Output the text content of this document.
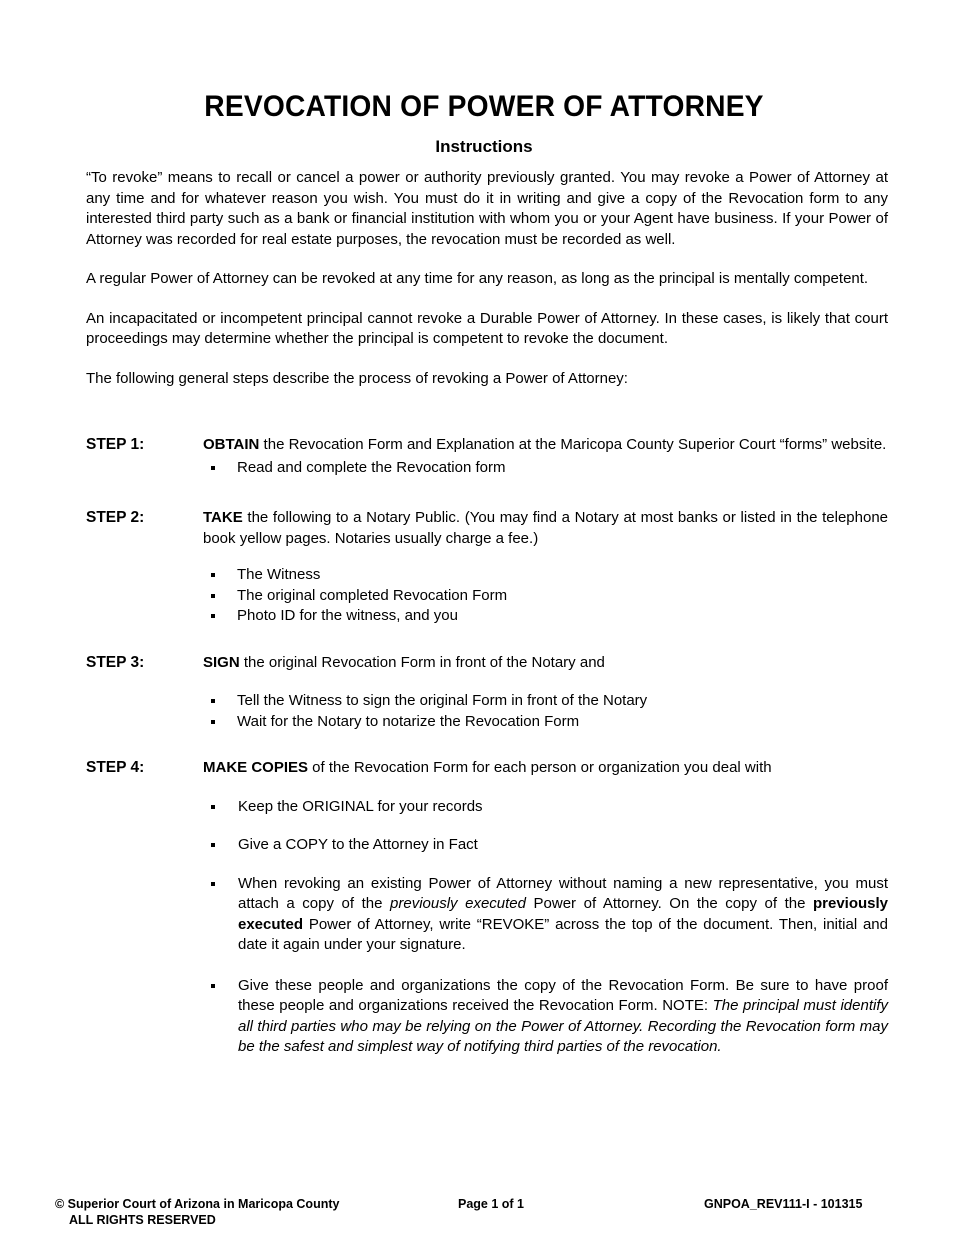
REVOCATION OF POWER OF ATTORNEY
Instructions

“To revoke” means to recall or cancel a power or authority previously granted. You may revoke a Power of Attorney at any time and for whatever reason you wish. You must do it in writing and give a copy of the Revocation form to any interested third party such as a bank or financial institution with whom you or your Agent have business. If your Power of Attorney was recorded for real estate purposes, the revocation must be recorded as well.

A regular Power of Attorney can be revoked at any time for any reason, as long as the principal is mentally competent.

An incapacitated or incompetent principal cannot revoke a Durable Power of Attorney. In these cases, is likely that court proceedings may determine whether the principal is competent to revoke the document.

The following general steps describe the process of revoking a Power of Attorney:

STEP 1:	OBTAIN the Revocation Form and Explanation at the Maricopa County Superior Court “forms” website.
Read and complete the Revocation form
STEP 2:	TAKE the following to a Notary Public. (You may find a Notary at most banks or listed in the telephone book yellow pages. Notaries usually charge a fee.)
The Witness
The original completed Revocation Form
Photo ID for the witness, and you
STEP 3:	SIGN the original Revocation Form in front of the Notary and
Tell the Witness to sign the original Form in front of the Notary
Wait for the Notary to notarize the Revocation Form
STEP 4:	MAKE COPIES of the Revocation Form for each person or organization you deal with
Keep the ORIGINAL for your records
Give a COPY to the Attorney in Fact
When revoking an existing Power of Attorney without naming a new representative, you must attach a copy of the previously executed Power of Attorney. On the copy of the previously executed Power of Attorney, write “REVOKE” across the top of the document. Then, initial and date it again under your signature.
Give these people and organizations the copy of the Revocation Form. Be sure to have proof these people and organizations received the Revocation Form. NOTE: The principal must identify all third parties who may be relying on the Power of Attorney. Recording the Revocation form may be the safest and simplest way of notifying third parties of the revocation.
© Superior Court of Arizona in Maricopa County
ALL RIGHTS RESERVED
Page 1 of 1	GNPOA_REV111-I - 101315
